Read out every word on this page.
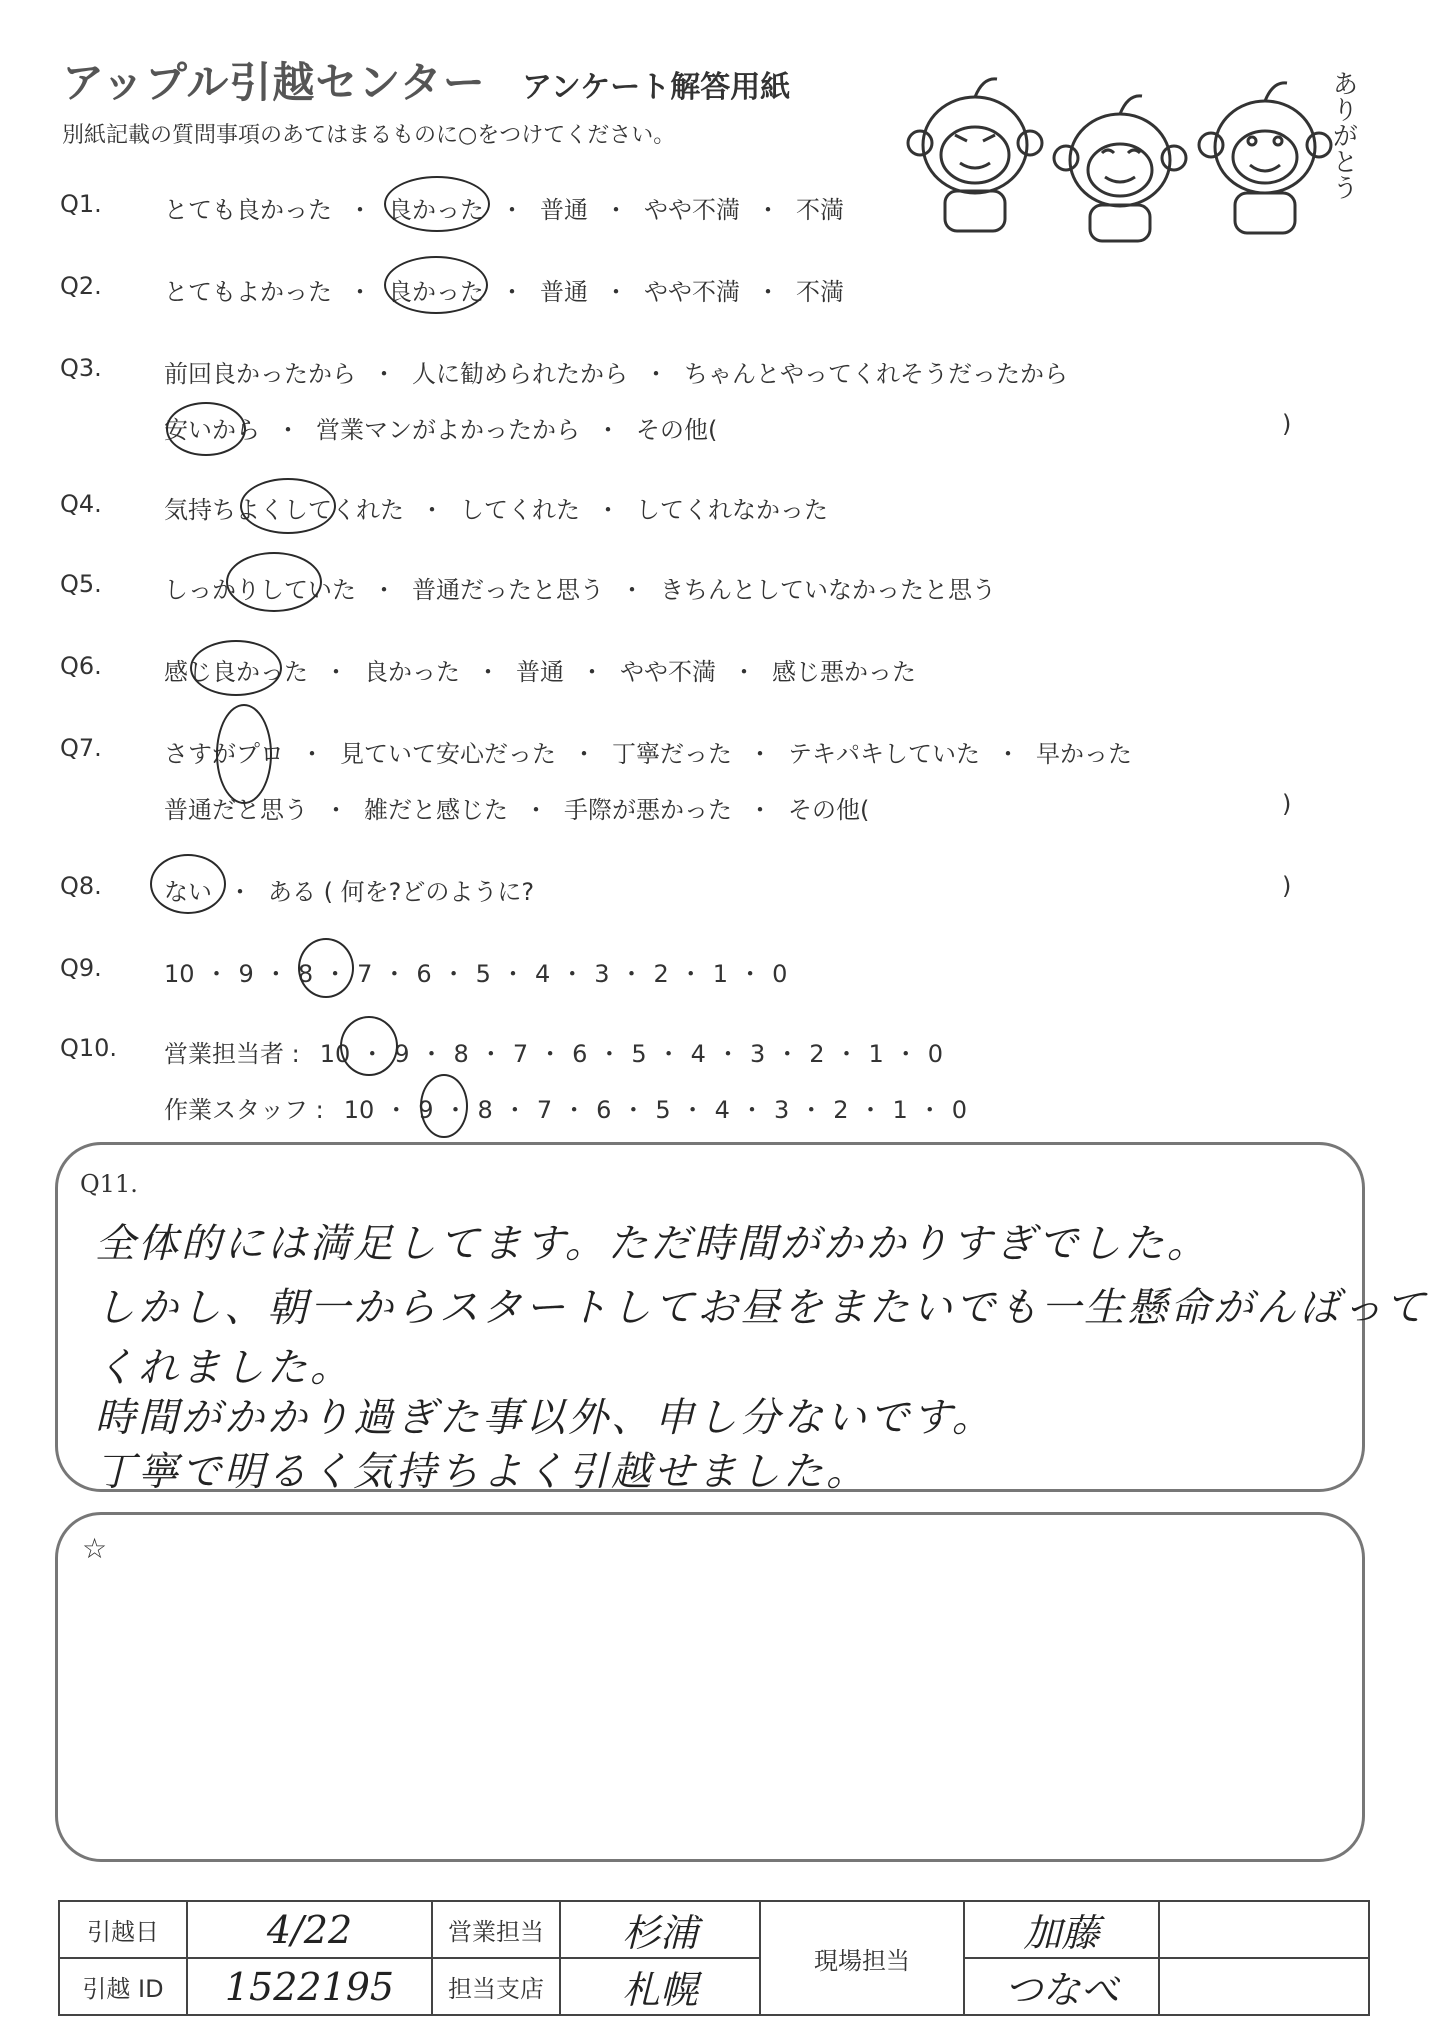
アップル引越センター アンケート解答用紙
別紙記載の質問事項のあてはまるものに○をつけてください。	ありがとう
Q1.	とても良かった ・ 良かった ・ 普通 ・ やや不満 ・ 不満
Q2.	とてもよかった ・ 良かった ・ 普通 ・ やや不満 ・ 不満
Q3.	前回良かったから ・ 人に勧められたから ・ ちゃんとやってくれそうだったから
安いから ・ 営業マンがよかったから ・ その他(	)
Q4.	気持ちよくしてくれた ・ してくれた ・ してくれなかった
Q5.	しっかりしていた ・ 普通だったと思う ・ きちんとしていなかったと思う
Q6.	感じ良かった ・ 良かった ・ 普通 ・ やや不満 ・ 感じ悪かった
Q7.	さすがプロ ・ 見ていて安心だった ・ 丁寧だった ・ テキパキしていた ・ 早かった
普通だと思う ・ 雑だと感じた ・ 手際が悪かった ・ その他(	)
Q8.	ない ・ ある ( 何を?どのように?	)
Q9.	10 ・ 9 ・ 8 ・ 7 ・ 6 ・ 5 ・ 4 ・ 3 ・ 2 ・ 1 ・ 0
Q10. 営業担当者 : 10 ・ 9 ・ 8 ・ 7 ・ 6 ・ 5 ・ 4 ・ 3 ・ 2 ・ 1 ・ 0
作業スタッフ : 10 ・ 9 ・ 8 ・ 7 ・ 6 ・ 5 ・ 4 ・ 3 ・ 2 ・ 1 ・ 0
Q11.
全体的には満足してます。ただ時間がかかりすぎでした。
しかし、朝一からスタートしてお昼をまたいでも一生懸命がんばって
くれました。
時間がかかり過ぎた事以外、申し分ないです。
丁寧で明るく気持ちよく引越せました。
☆
引越日	4/22	営業担当	杉浦	現場担当	加藤	
引越 ID	1522195	担当支店	札幌		つなべ	
